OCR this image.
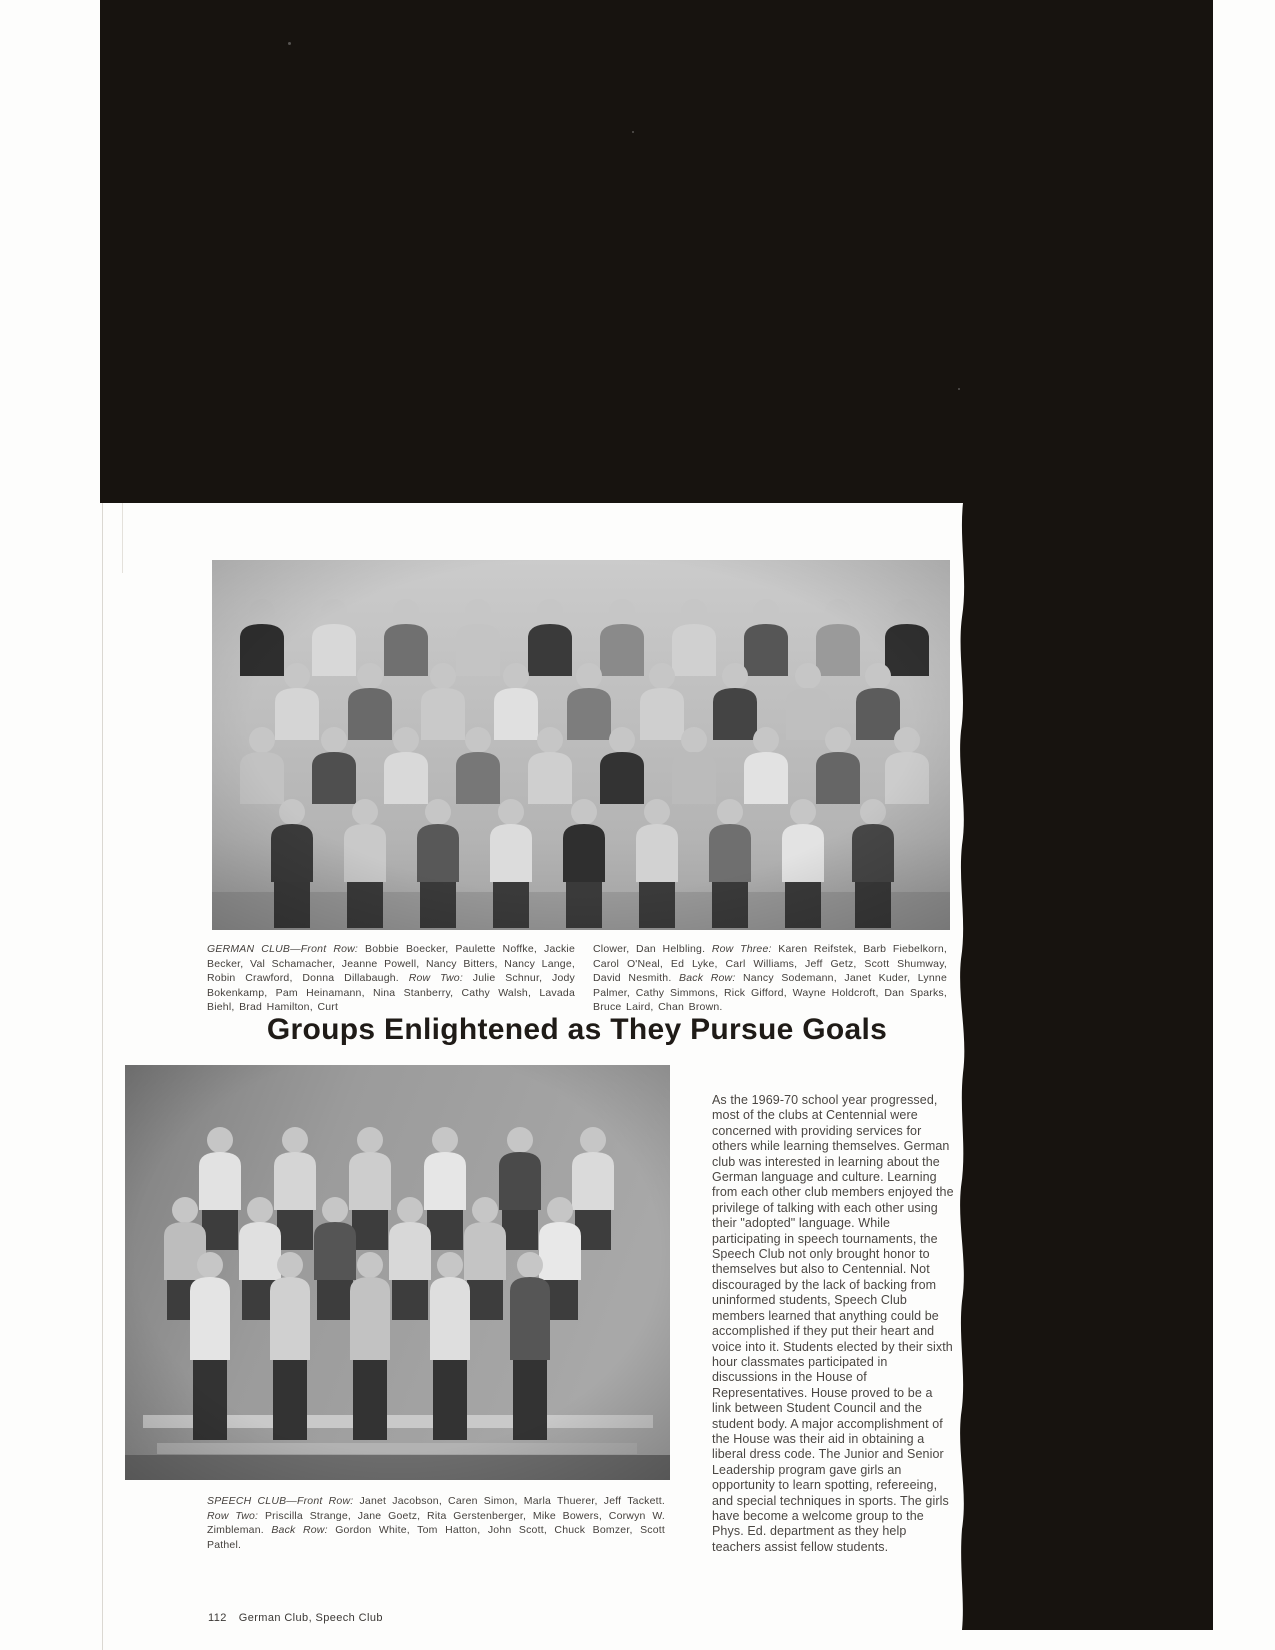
GERMAN CLUB—Front Row: Bobbie Boecker, Paulette Noffke, Jackie Becker, Val Schamacher, Jeanne Powell, Nancy Bitters, Nancy Lange, Robin Crawford, Donna Dillabaugh. Row Two: Julie Schnur, Jody Bokenkamp, Pam Heinamann, Nina Stanberry, Cathy Walsh, Lavada Biehl, Brad Hamilton, Curt

Clower, Dan Helbling. Row Three: Karen Reifstek, Barb Fiebelkorn, Carol O'Neal, Ed Lyke, Carl Williams, Jeff Getz, Scott Shumway, David Nesmith. Back Row: Nancy Sodemann, Janet Kuder, Lynne Palmer, Cathy Simmons, Rick Gifford, Wayne Holdcroft, Dan Sparks, Bruce Laird, Chan Brown.

Groups Enlightened as They Pursue Goals

SPEECH CLUB—Front Row: Janet Jacobson, Caren Simon, Marla Thuerer, Jeff Tackett. Row Two: Priscilla Strange, Jane Goetz, Rita Gerstenberger, Mike Bowers, Corwyn W. Zimbleman. Back Row: Gordon White, Tom Hatton, John Scott, Chuck Bomzer, Scott Pathel.

As the 1969-70 school year progressed, most of the clubs at Centennial were concerned with providing services for others while learning themselves. German club was interested in learning about the German language and culture. Learning from each other club members enjoyed the privilege of talking with each other using their "adopted" language. While participating in speech tournaments, the Speech Club not only brought honor to themselves but also to Centennial. Not discouraged by the lack of backing from uninformed students, Speech Club members learned that anything could be accomplished if they put their heart and voice into it. Students elected by their sixth hour classmates participated in discussions in the House of Representatives. House proved to be a link between Student Council and the student body. A major accomplishment of the House was their aid in obtaining a liberal dress code. The Junior and Senior Leadership program gave girls an opportunity to learn spotting, refereeing, and special techniques in sports. The girls have become a welcome group to the Phys. Ed. department as they help teachers assist fellow students.

112 German Club, Speech Club
